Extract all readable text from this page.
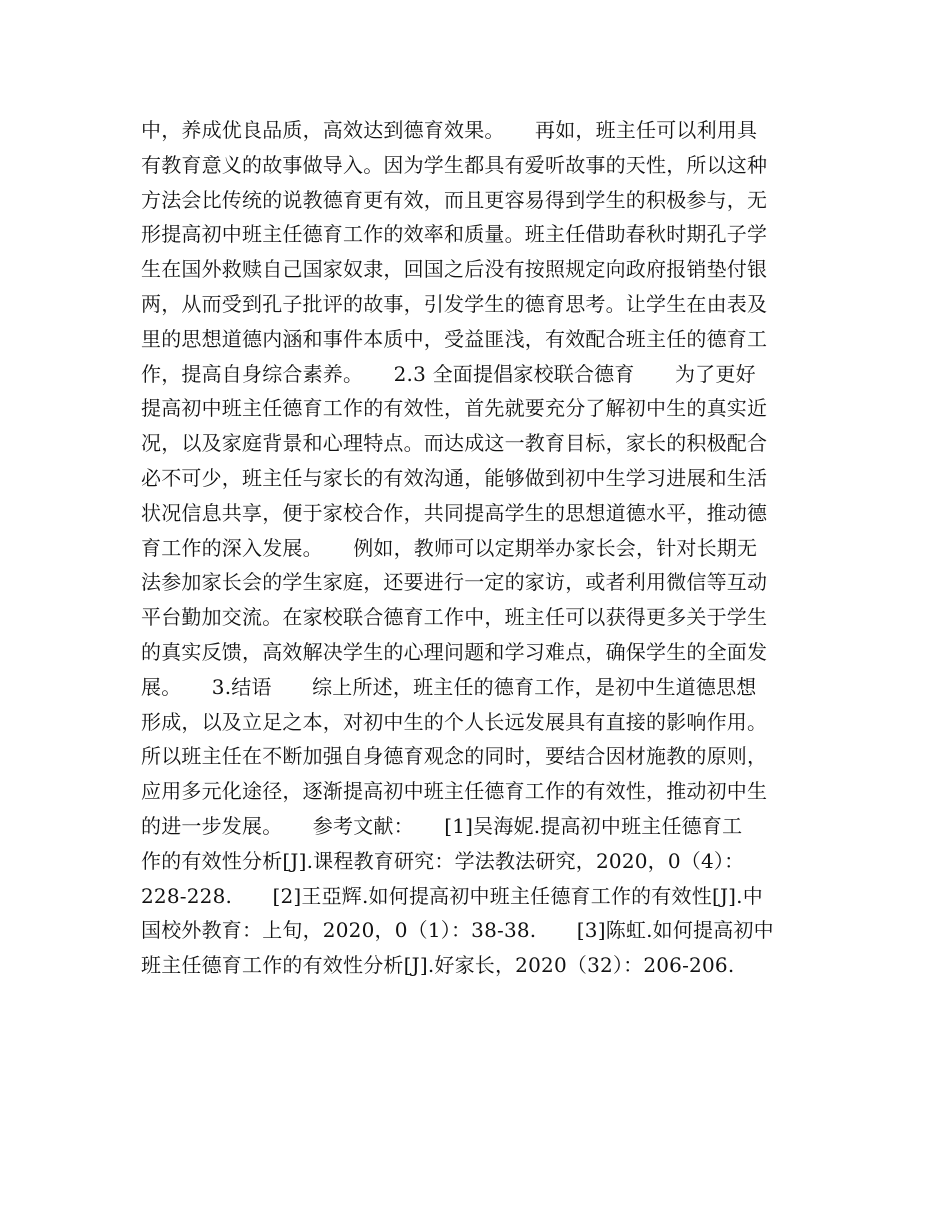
中，养成优良品质，高效达到德育效果。　　再如，班主任可以利用具
有教育意义的故事做导入。因为学生都具有爱听故事的天性，所以这种
方法会比传统的说教德育更有效，而且更容易得到学生的积极参与，无
形提高初中班主任德育工作的效率和质量。班主任借助春秋时期孔子学
生在国外救赎自己国家奴隶，回国之后没有按照规定向政府报销垫付银
两，从而受到孔子批评的故事，引发学生的德育思考。让学生在由表及
里的思想道德内涵和事件本质中，受益匪浅，有效配合班主任的德育工
作，提高自身综合素养。　　2.3 全面提倡家校联合德育　　为了更好
提高初中班主任德育工作的有效性，首先就要充分了解初中生的真实近
况，以及家庭背景和心理特点。而达成这一教育目标，家长的积极配合
必不可少，班主任与家长的有效沟通，能够做到初中生学习进展和生活
状况信息共享，便于家校合作，共同提高学生的思想道德水平，推动德
育工作的深入发展。　　例如，教师可以定期举办家长会，针对长期无
法参加家长会的学生家庭，还要进行一定的家访，或者利用微信等互动
平台勤加交流。在家校联合德育工作中，班主任可以获得更多关于学生
的真实反馈，高效解决学生的心理问题和学习难点，确保学生的全面发
展。　　3.结语　　综上所述，班主任的德育工作，是初中生道德思想
形成，以及立足之本，对初中生的个人长远发展具有直接的影响作用。
所以班主任在不断加强自身德育观念的同时，要结合因材施教的原则，
应用多元化途径，逐渐提高初中班主任德育工作的有效性，推动初中生
的进一步发展。　　参考文献：　　[1]吴海妮.提高初中班主任德育工
作的有效性分析[J].课程教育研究：学法教法研究，2020，0（4）：
228-228.　　[2]王亞辉.如何提高初中班主任德育工作的有效性[J].中
国校外教育：上旬，2020，0（1）：38-38.　　[3]陈虹.如何提高初中
班主任德育工作的有效性分析[J].好家长，2020（32）：206-206.
